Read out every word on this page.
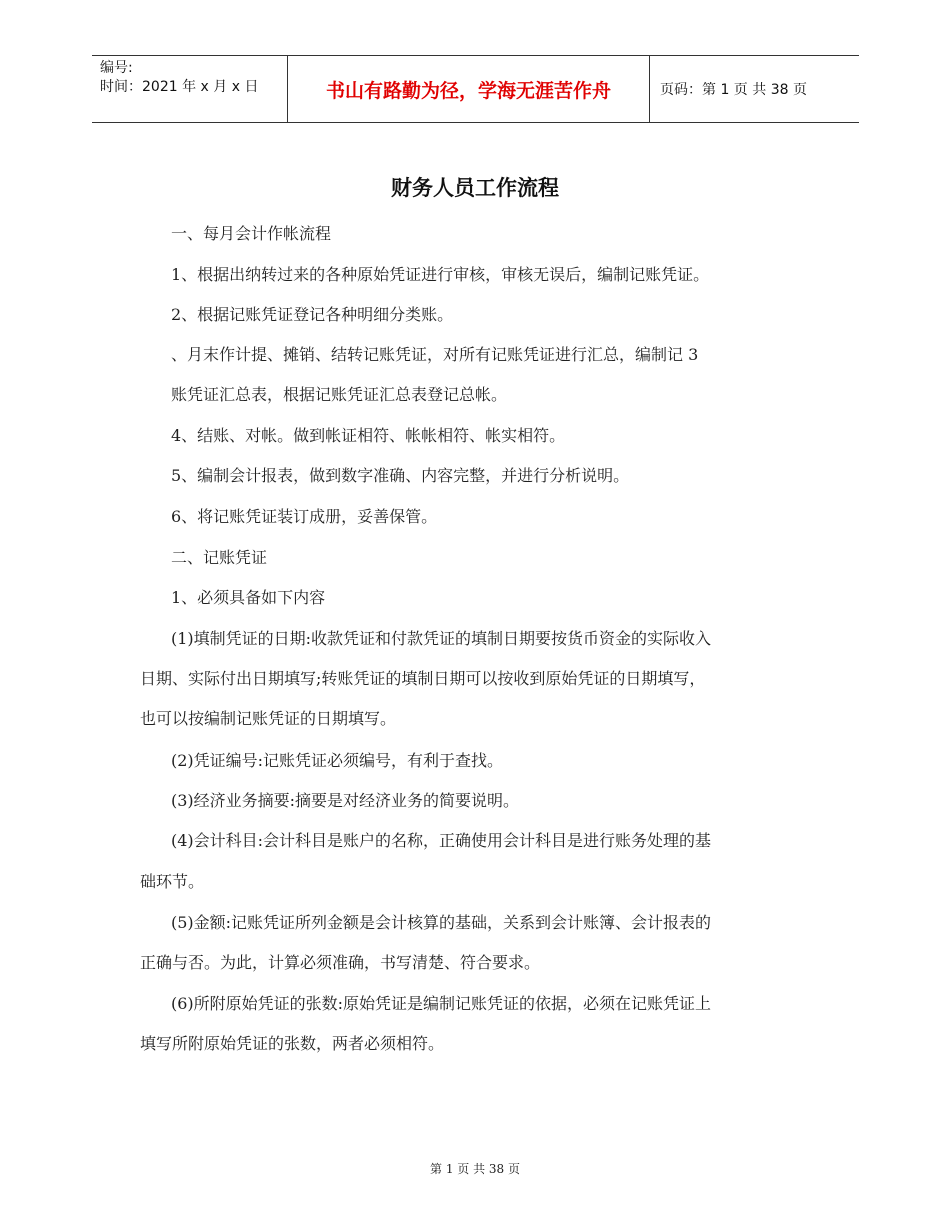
编号:
时间：2021 年 x 月 x 日	书山有路勤为径，学海无涯苦作舟	页码：第 1 页 共 38 页
财务人员工作流程
一、每月会计作帐流程
1、根据出纳转过来的各种原始凭证进行审核，审核无误后，编制记账凭证。
2、根据记账凭证登记各种明细分类账。
、月末作计提、摊销、结转记账凭证，对所有记账凭证进行汇总，编制记 3
账凭证汇总表，根据记账凭证汇总表登记总帐。
4、结账、对帐。做到帐证相符、帐帐相符、帐实相符。
5、编制会计报表，做到数字准确、内容完整，并进行分析说明。
6、将记账凭证装订成册，妥善保管。
二、记账凭证
1、必须具备如下内容
(1)填制凭证的日期:收款凭证和付款凭证的填制日期要按货币资金的实际收入
日期、实际付出日期填写;转账凭证的填制日期可以按收到原始凭证的日期填写，
也可以按编制记账凭证的日期填写。
(2)凭证编号:记账凭证必须编号，有利于查找。
(3)经济业务摘要:摘要是对经济业务的简要说明。
(4)会计科目:会计科目是账户的名称，正确使用会计科目是进行账务处理的基
础环节。
(5)金额:记账凭证所列金额是会计核算的基础，关系到会计账簿、会计报表的
正确与否。为此，计算必须准确，书写清楚、符合要求。
(6)所附原始凭证的张数:原始凭证是编制记账凭证的依据，必须在记账凭证上
填写所附原始凭证的张数，两者必须相符。
第 1 页 共 38 页
